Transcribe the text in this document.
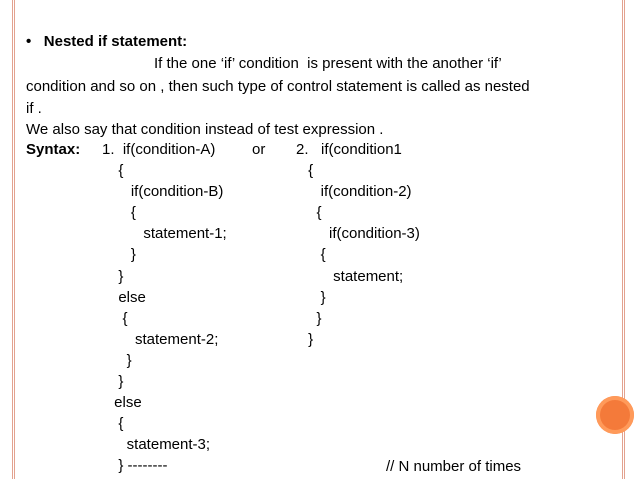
• Nested if statement:
If the one ‘if’ condition  is present with the another ‘if’
condition and so on , then such type of control statement is called as nested
if .
We also say that condition instead of test expression .
Syntax: 1.  if(condition-A) or 2.   if(condition1
{
if(condition-B)
{
statement-1;
}
}
else
{
statement-2;
}
}
else
{
statement-3;
} --------
{
if(condition-2)
{
if(condition-3)
{
statement;
}
}
}
// N number of times
